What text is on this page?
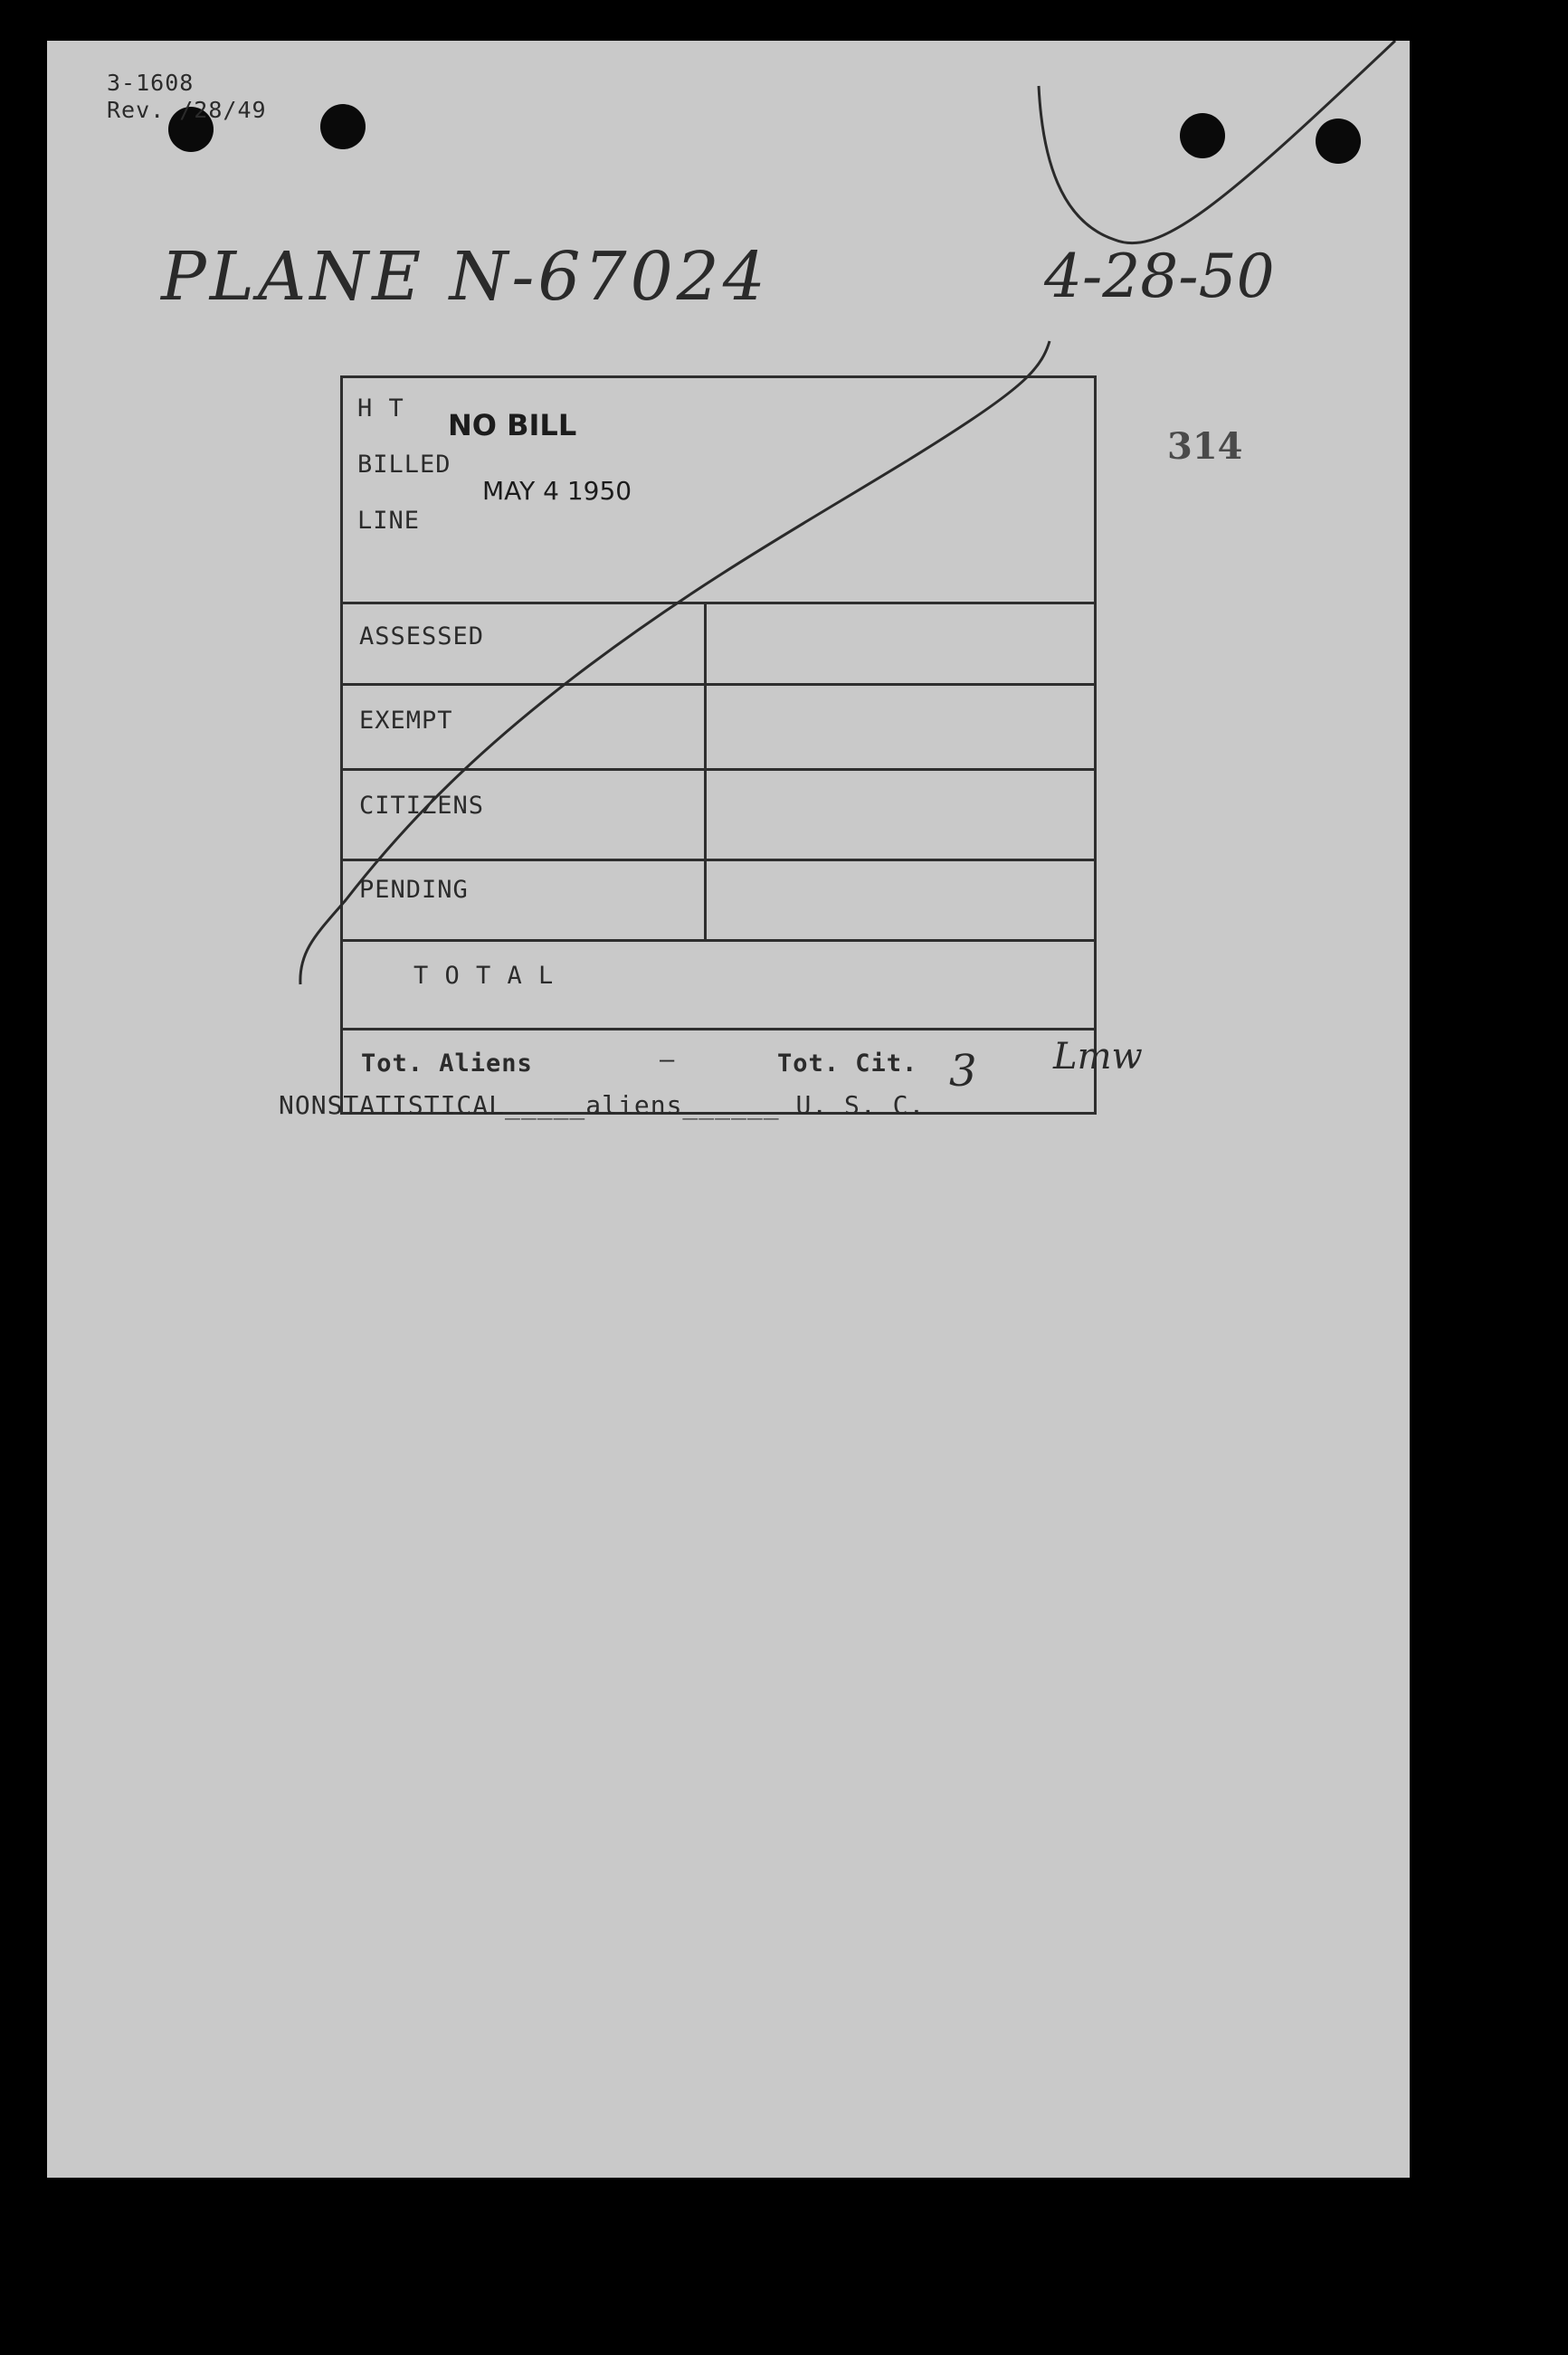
3-1608
Rev. /28/49
PLANE N-67024	4-28-50
314
H T NO BILL
BILLED
MAY 4 1950
LINE
ASSESSED
EXEMPT
CITIZENS
PENDING
T O T A L
Tot. Aliens	—	Tot. Cit. 3 Lmw
NONSTATISTICAL_____aliens______ U. S. C.
